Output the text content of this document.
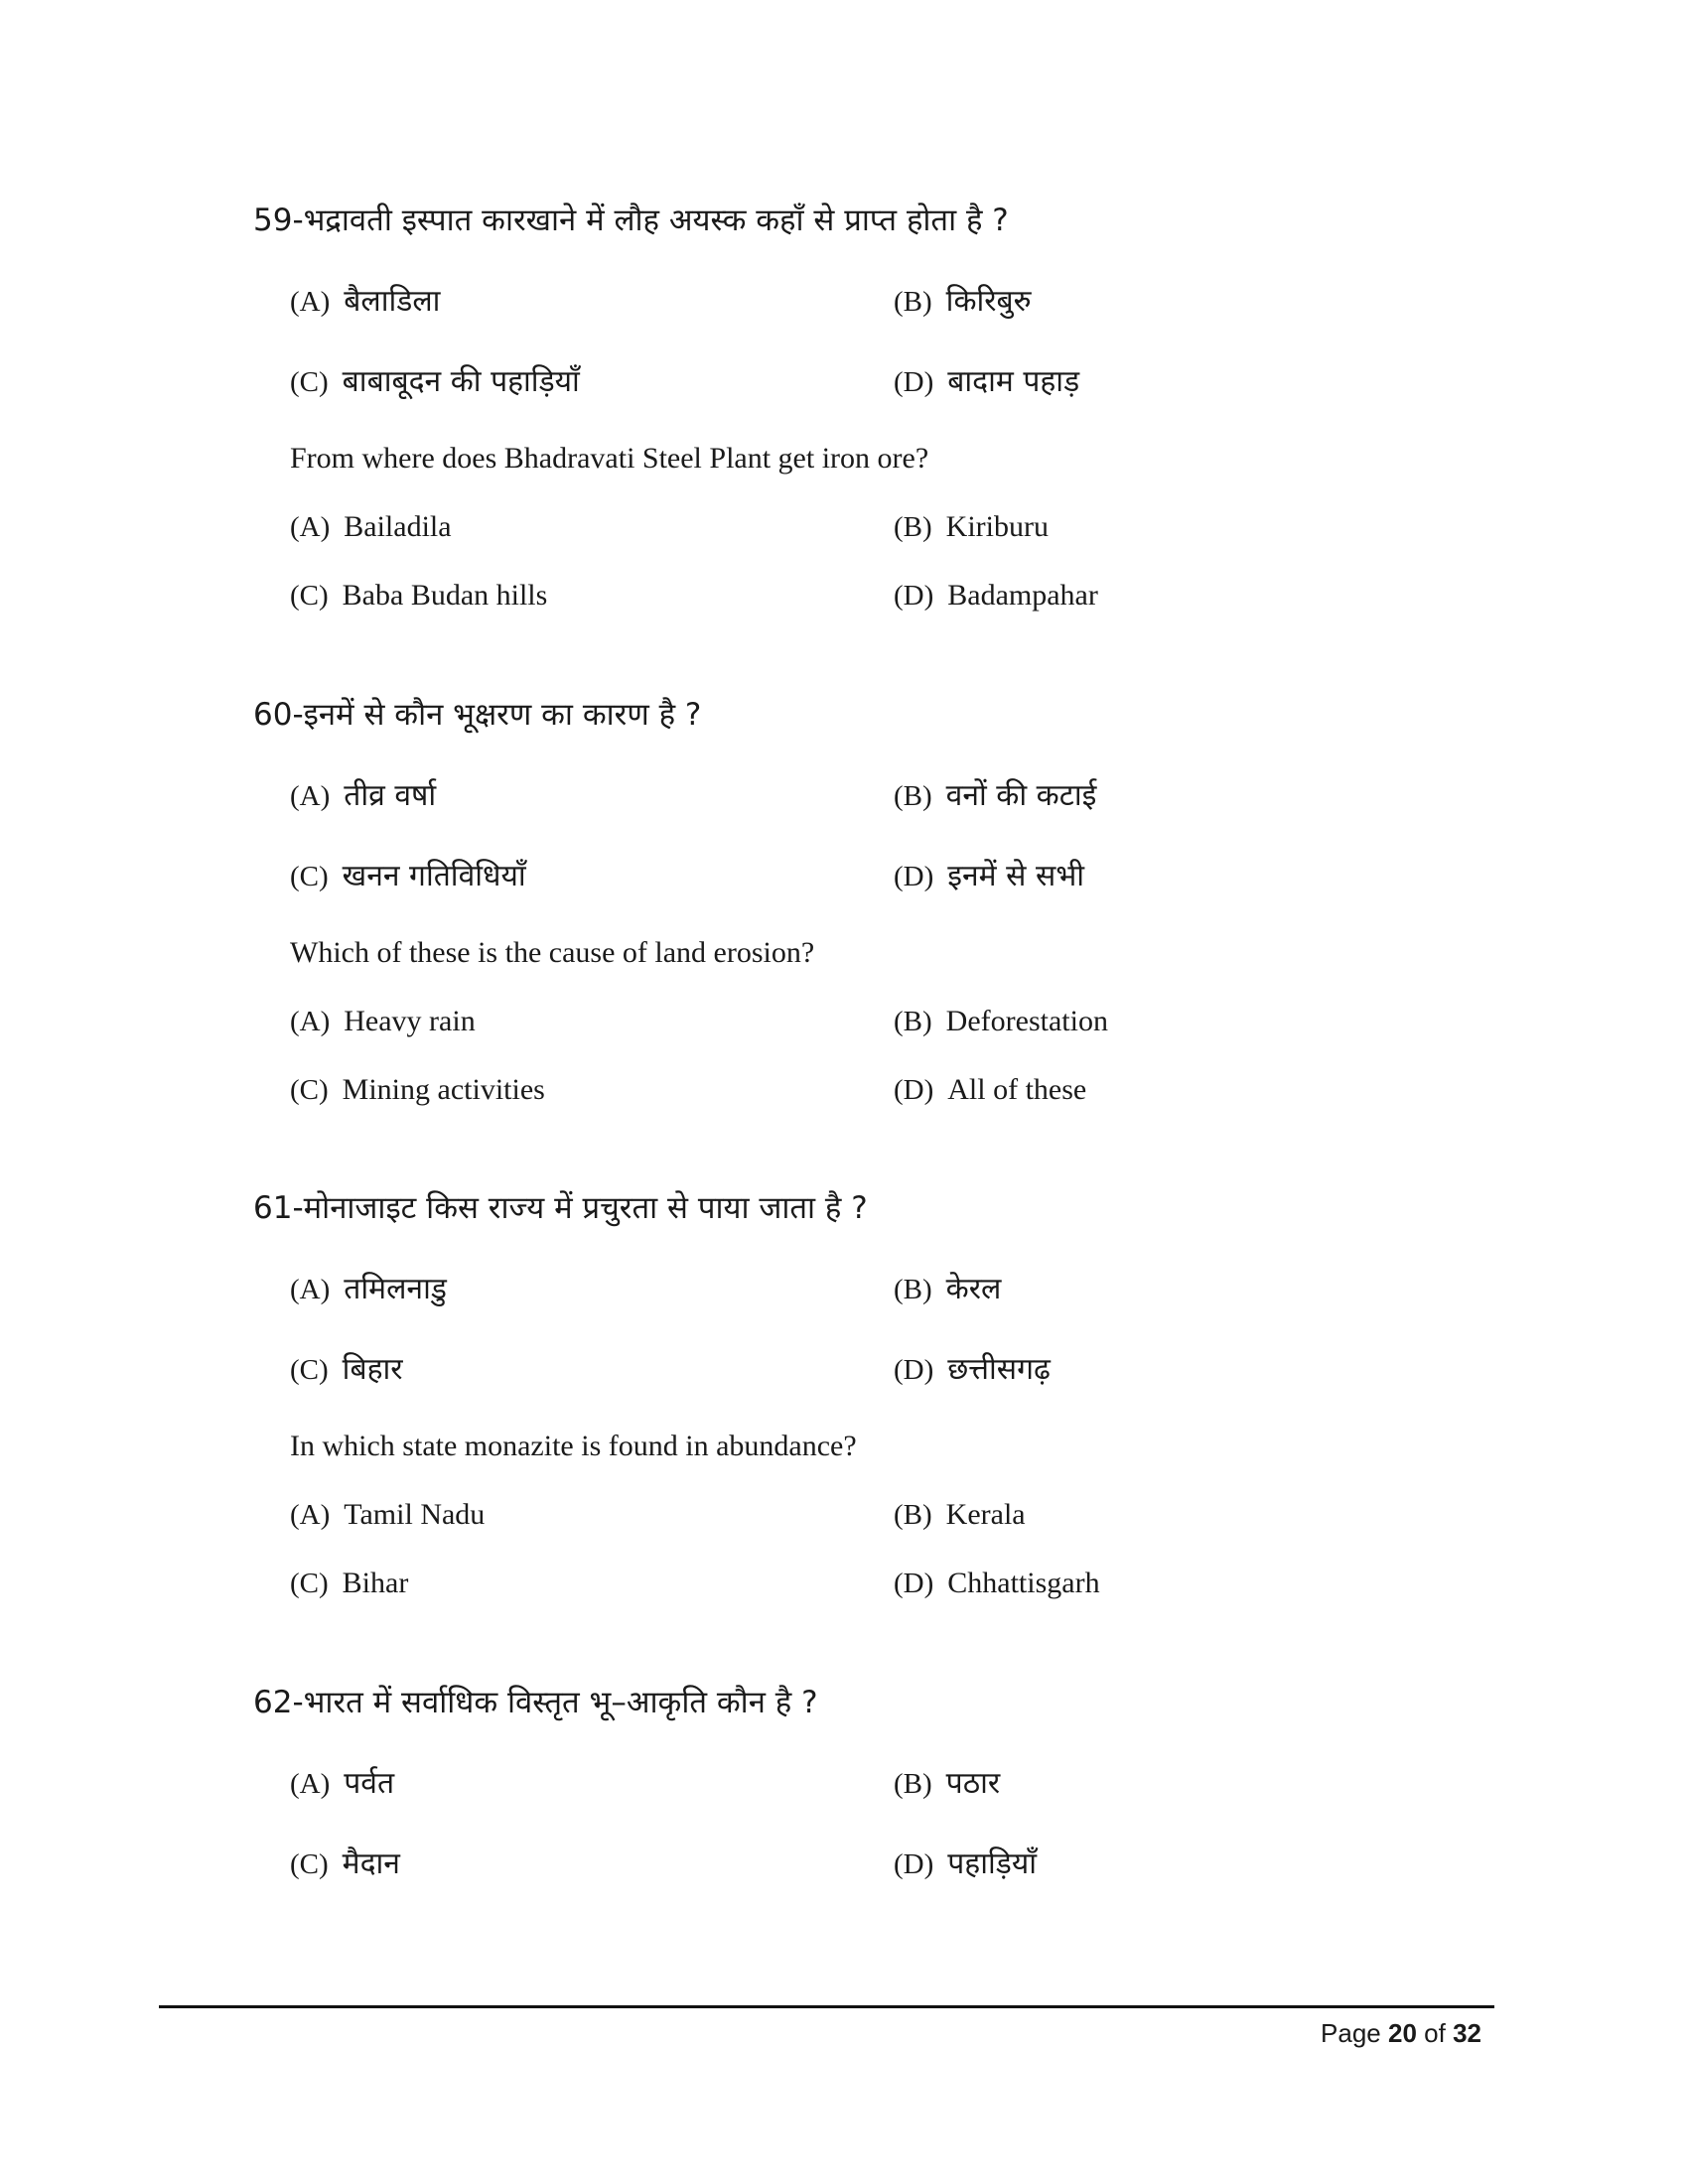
59-भद्रावती इस्पात कारखाने में लौह अयस्क कहाँ से प्राप्त होता है ?
(A) बैलाडिला	(B) किरिबुरु
(C) बाबाबूदन की पहाड़ियाँ	(D) बादाम पहाड़
From where does Bhadravati Steel Plant get iron ore?
(A) Bailadila	(B) Kiriburu
(C) Baba Budan hills	(D) Badampahar
60-इनमें से कौन भूक्षरण का कारण है ?
(A) तीव्र वर्षा	(B) वनों की कटाई
(C) खनन गतिविधियाँ	(D) इनमें से सभी
Which of these is the cause of land erosion?
(A) Heavy rain	(B) Deforestation
(C) Mining activities	(D) All of these
61-मोनाजाइट किस राज्य में प्रचुरता से पाया जाता है ?
(A) तमिलनाडु	(B) केरल
(C) बिहार	(D) छत्तीसगढ़
In which state monazite is found in abundance?
(A) Tamil Nadu	(B) Kerala
(C) Bihar	(D) Chhattisgarh
62-भारत में सर्वाधिक विस्तृत भू–आकृति कौन है ?
(A) पर्वत	(B) पठार
(C) मैदान	(D) पहाड़ियाँ
Page 20 of 32
